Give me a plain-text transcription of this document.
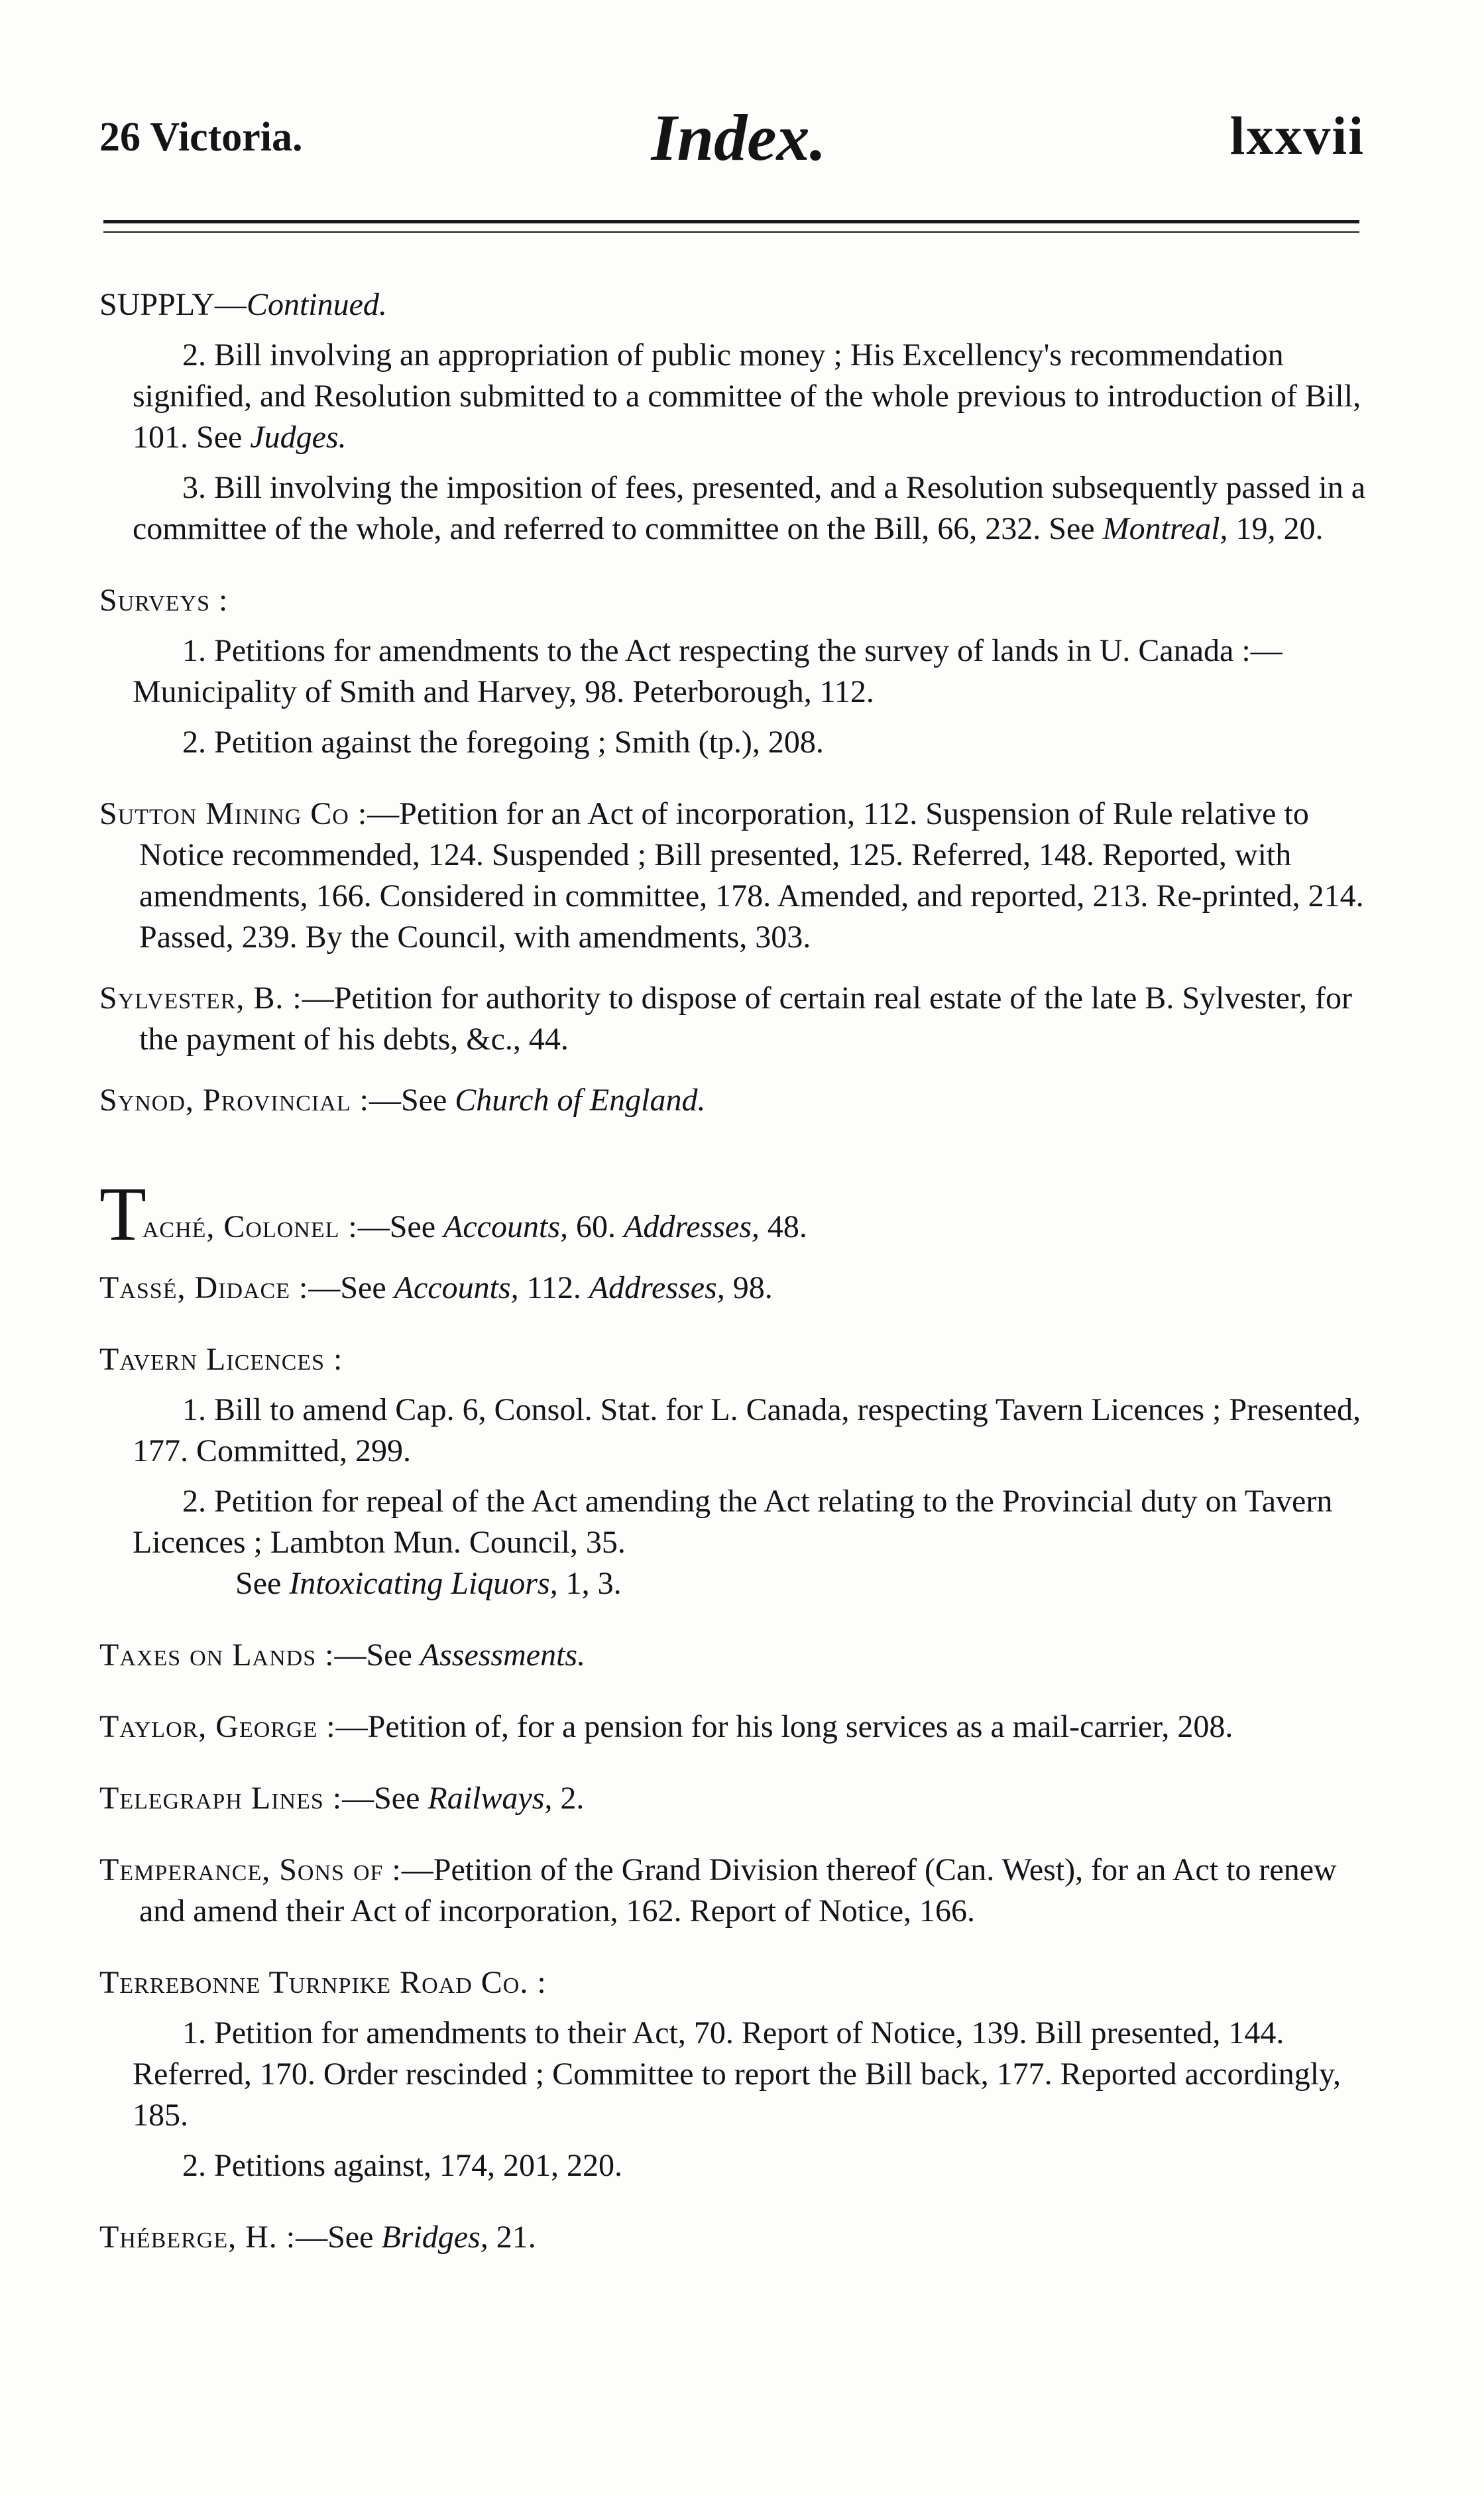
26 Victoria.	Index.	lxxvii

SUPPLY—Continued.

2. Bill involving an appropriation of public money ; His Excellency's recommendation signified, and Resolution submitted to a committee of the whole previous to introduction of Bill, 101. See Judges.

3. Bill involving the imposition of fees, presented, and a Resolution subsequently passed in a committee of the whole, and referred to committee on the Bill, 66, 232. See Montreal, 19, 20.

Surveys :

1. Petitions for amendments to the Act respecting the survey of lands in U. Canada :—Municipality of Smith and Harvey, 98. Peterborough, 112.

2. Petition against the foregoing ; Smith (tp.), 208.

Sutton Mining Co :—Petition for an Act of incorporation, 112. Suspension of Rule relative to Notice recommended, 124. Suspended ; Bill presented, 125. Referred, 148. Reported, with amendments, 166. Considered in committee, 178. Amended, and reported, 213. Re-printed, 214. Passed, 239. By the Council, with amendments, 303.

Sylvester, B. :—Petition for authority to dispose of certain real estate of the late B. Sylvester, for the payment of his debts, &c., 44.

Synod, Provincial :—See Church of England.

Taché, Colonel :—See Accounts, 60. Addresses, 48.

Tassé, Didace :—See Accounts, 112. Addresses, 98.

Tavern Licences :

1. Bill to amend Cap. 6, Consol. Stat. for L. Canada, respecting Tavern Licences ; Presented, 177. Committed, 299.

2. Petition for repeal of the Act amending the Act relating to the Provincial duty on Tavern Licences ; Lambton Mun. Council, 35.

See Intoxicating Liquors, 1, 3.

Taxes on Lands :—See Assessments.

Taylor, George :—Petition of, for a pension for his long services as a mail-carrier, 208.

Telegraph Lines :—See Railways, 2.

Temperance, Sons of :—Petition of the Grand Division thereof (Can. West), for an Act to renew and amend their Act of incorporation, 162. Report of Notice, 166.

Terrebonne Turnpike Road Co. :

1. Petition for amendments to their Act, 70. Report of Notice, 139. Bill presented, 144. Referred, 170. Order rescinded ; Committee to report the Bill back, 177. Reported accordingly, 185.

2. Petitions against, 174, 201, 220.

Théberge, H. :—See Bridges, 21.
